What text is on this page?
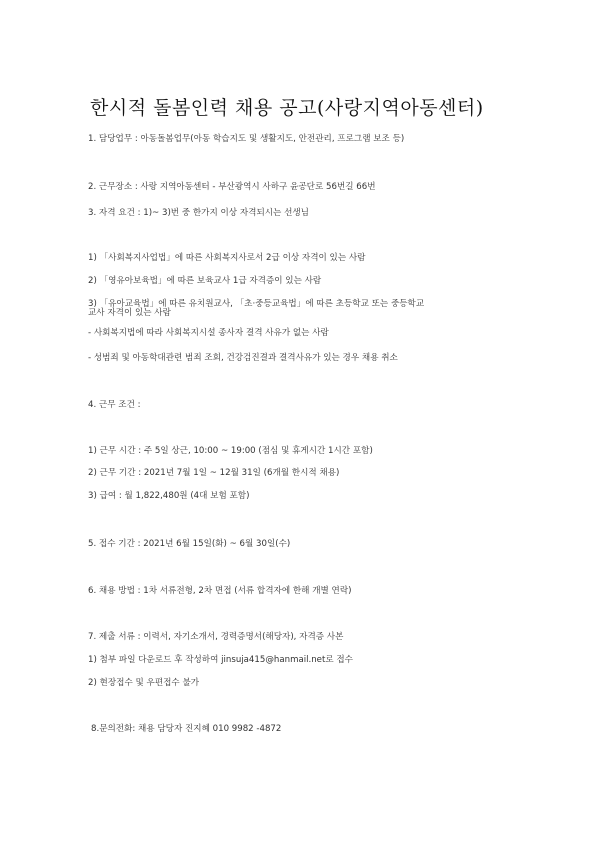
한시적 돌봄인력 채용 공고(사랑지역아동센터)
1. 담당업무 : 아동돌봄업무(아동 학습지도 및 생활지도, 안전관리, 프로그램 보조 등)
2. 근무장소 : 사랑 지역아동센터 - 부산광역시 사하구 윤공단로 56번길 66번
3. 자격 요건 : 1)~ 3)번 중 한가지 이상 자격되시는 선생님
1) 「사회복지사업법」에 따른 사회복지사로서 2급 이상 자격이 있는 사람
2) 「영유아보육법」에 따른 보육교사 1급 자격증이 있는 사람
3) 「유아교육법」에 따른 유치원교사, 「초·중등교육법」에 따른 초등학교 또는 중등학교
교사 자격이 있는 사람
- 사회복지법에 따라 사회복지시설 종사자 결격 사유가 없는 사람
- 성범죄 및 아동학대관련 범죄 조회, 건강검진결과 결격사유가 있는 경우 채용 취소
4. 근무 조건 :
1) 근무 시간 : 주 5일 상근, 10:00 ~ 19:00 (점심 및 휴게시간 1시간 포함)
2) 근무 기간 : 2021년 7월 1일 ~ 12월 31일 (6개월 한시적 채용)
3) 급여 : 월 1,822,480원 (4대 보험 포함)
5. 접수 기간 : 2021년 6월 15일(화) ~ 6월 30일(수)
6. 채용 방법 : 1차 서류전형, 2차 면접 (서류 합격자에 한해 개별 연락)
7. 제출 서류 : 이력서, 자기소개서, 경력증명서(해당자), 자격증 사본
1) 첨부 파일 다운로드 후 작성하여 jinsuja415@hanmail.net로 접수
2) 현장접수 및 우편접수 불가
8.문의전화: 채용 담당자 진지혜 010 9982 -4872
